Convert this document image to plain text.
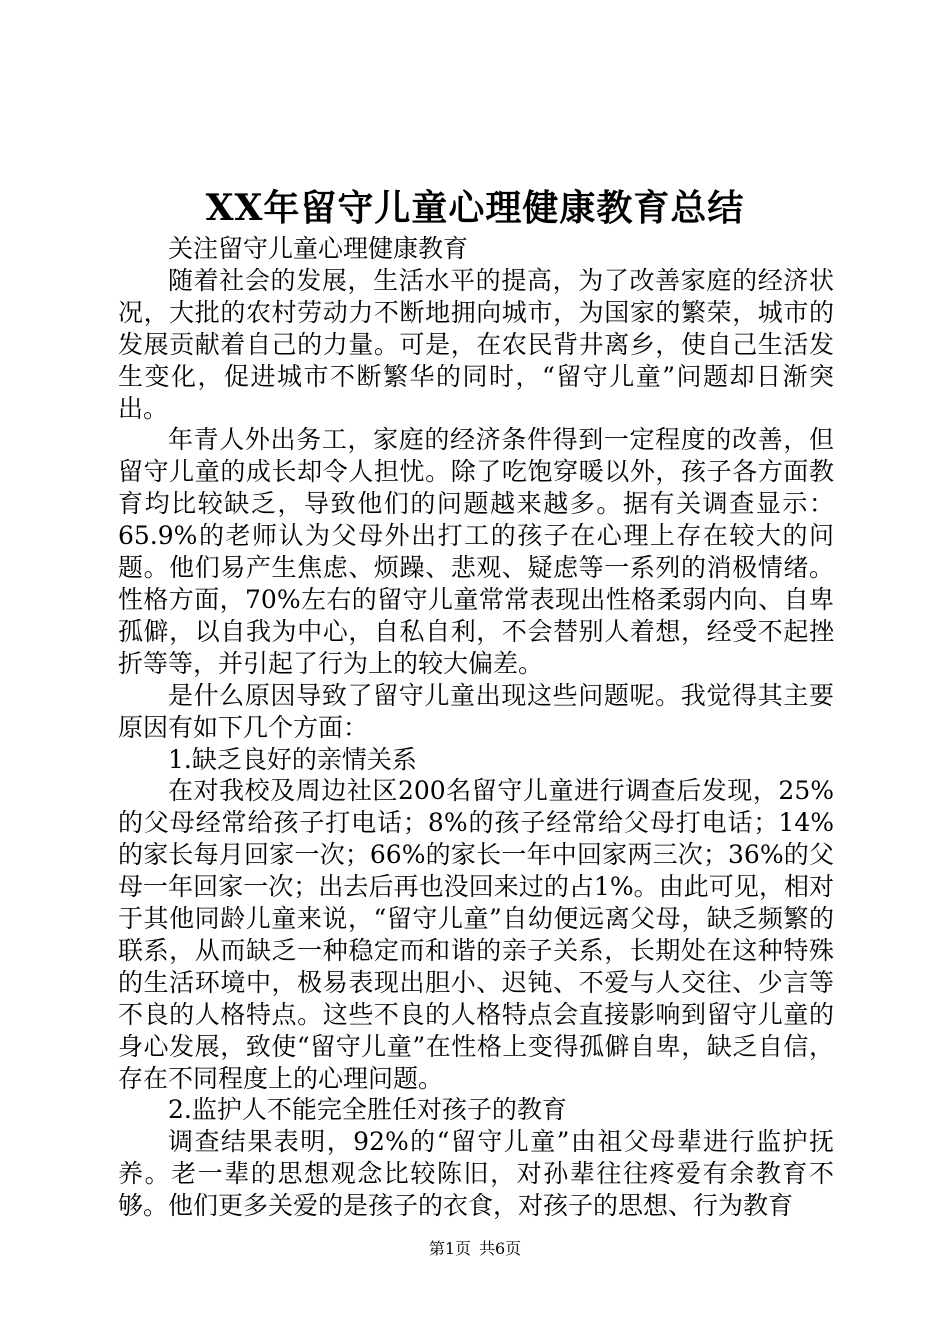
XX年留守儿童心理健康教育总结

关注留守儿童心理健康教育

随着社会的发展，生活水平的提高，为了改善家庭的经济状况，大批的农村劳动力不断地拥向城市，为国家的繁荣，城市的发展贡献着自己的力量。可是，在农民背井离乡，使自己生活发生变化，促进城市不断繁华的同时，“留守儿童”问题却日渐突出。

年青人外出务工，家庭的经济条件得到一定程度的改善，但留守儿童的成长却令人担忧。除了吃饱穿暖以外，孩子各方面教育均比较缺乏，导致他们的问题越来越多。据有关调查显示：65.9%的老师认为父母外出打工的孩子在心理上存在较大的问题。他们易产生焦虑、烦躁、悲观、疑虑等一系列的消极情绪。性格方面，70%左右的留守儿童常常表现出性格柔弱内向、自卑孤僻，以自我为中心，自私自利，不会替别人着想，经受不起挫折等等，并引起了行为上的较大偏差。

是什么原因导致了留守儿童出现这些问题呢。我觉得其主要原因有如下几个方面：

1.缺乏良好的亲情关系

在对我校及周边社区200名留守儿童进行调查后发现，25%的父母经常给孩子打电话；8%的孩子经常给父母打电话；14%的家长每月回家一次；66%的家长一年中回家两三次；36%的父母一年回家一次；出去后再也没回来过的占1%。由此可见，相对于其他同龄儿童来说，“留守儿童”自幼便远离父母，缺乏频繁的联系，从而缺乏一种稳定而和谐的亲子关系，长期处在这种特殊的生活环境中，极易表现出胆小、迟钝、不爱与人交往、少言等不良的人格特点。这些不良的人格特点会直接影响到留守儿童的身心发展，致使“留守儿童”在性格上变得孤僻自卑，缺乏自信，存在不同程度上的心理问题。

2.监护人不能完全胜任对孩子的教育

调查结果表明，92%的“留守儿童”由祖父母辈进行监护抚养。老一辈的思想观念比较陈旧，对孙辈往往疼爱有余教育不够。他们更多关爱的是孩子的衣食，对孩子的思想、行为教育

第1页 共6页
